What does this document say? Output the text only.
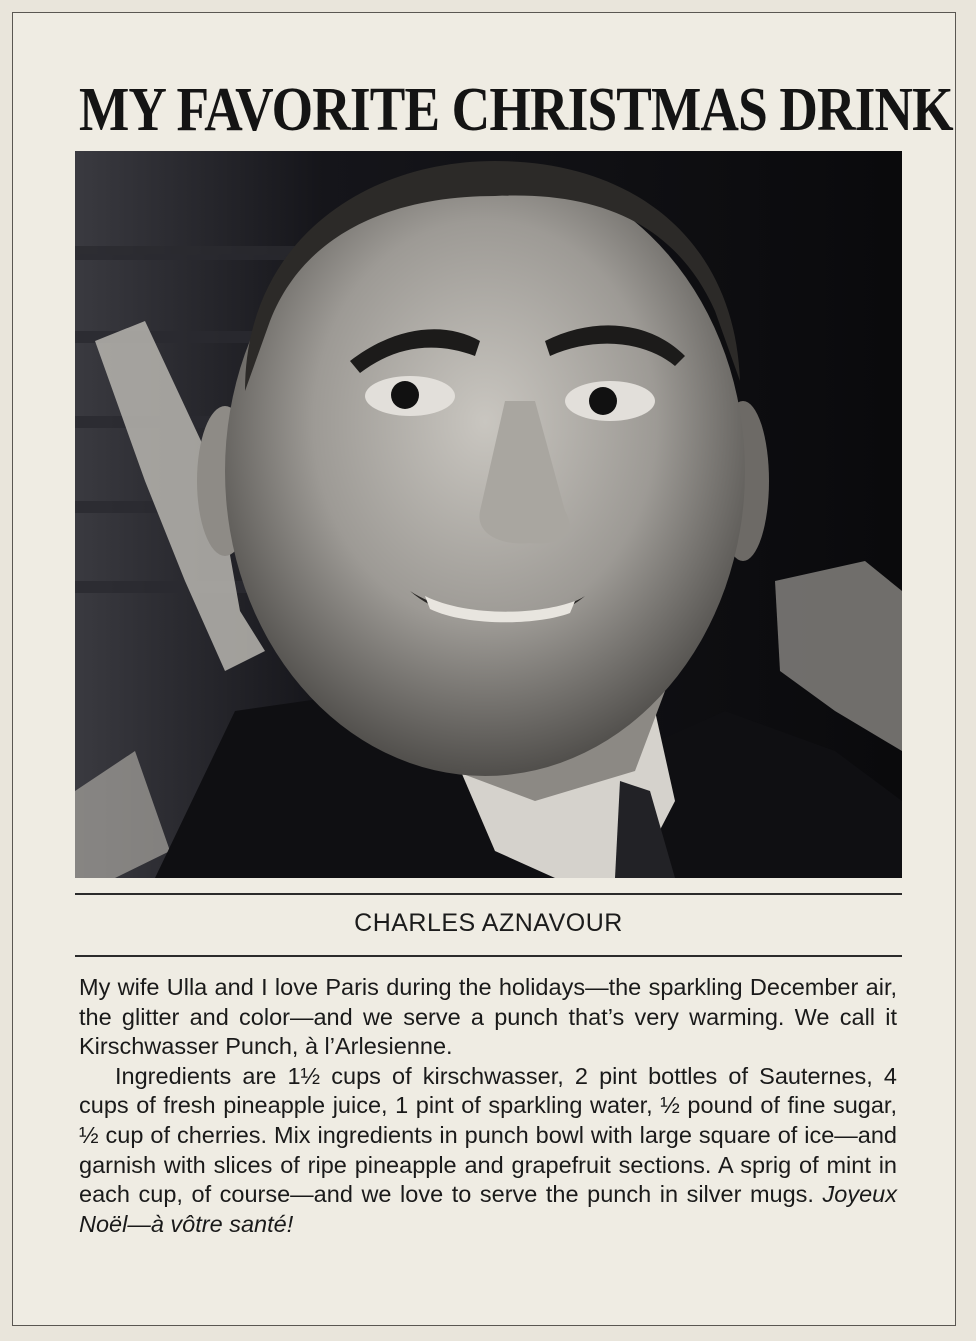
MY FAVORITE CHRISTMAS DRINK
CHARLES AZNAVOUR

My wife Ulla and I love Paris during the holidays—the sparkling December air, the glitter and color—and we serve a punch that’s very warming. We call it Kirschwasser Punch, à l’Arlesienne.

Ingredients are 1½ cups of kirschwasser, 2 pint bottles of Sauternes, 4 cups of fresh pineapple juice, 1 pint of sparkling water, ½ pound of fine sugar, ½ cup of cherries. Mix ingredients in punch bowl with large square of ice—and garnish with slices of ripe pineapple and grapefruit sections. A sprig of mint in each cup, of course—and we love to serve the punch in silver mugs. Joyeux Noël—à vôtre santé!
